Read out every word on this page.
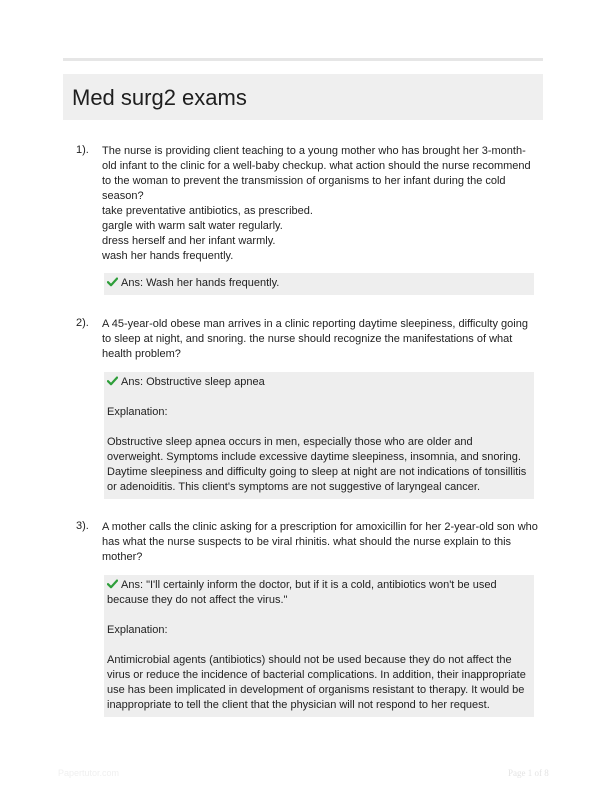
Med surg2 exams
1). The nurse is providing client teaching to a young mother who has brought her 3-month-old infant to the clinic for a well-baby checkup. what action should the nurse recommend to the woman to prevent the transmission of organisms to her infant during the cold season?
take preventative antibiotics, as prescribed.
gargle with warm salt water regularly.
dress herself and her infant warmly.
wash her hands frequently.
Ans: Wash her hands frequently.
2). A 45-year-old obese man arrives in a clinic reporting daytime sleepiness, difficulty going to sleep at night, and snoring. the nurse should recognize the manifestations of what health problem?
Ans: Obstructive sleep apnea
Explanation:
Obstructive sleep apnea occurs in men, especially those who are older and overweight. Symptoms include excessive daytime sleepiness, insomnia, and snoring. Daytime sleepiness and difficulty going to sleep at night are not indications of tonsillitis or adenoiditis. This client's symptoms are not suggestive of laryngeal cancer.
3). A mother calls the clinic asking for a prescription for amoxicillin for her 2-year-old son who has what the nurse suspects to be viral rhinitis. what should the nurse explain to this mother?
Ans: "I'll certainly inform the doctor, but if it is a cold, antibiotics won't be used because they do not affect the virus."
Explanation:
Antimicrobial agents (antibiotics) should not be used because they do not affect the virus or reduce the incidence of bacterial complications. In addition, their inappropriate use has been implicated in development of organisms resistant to therapy. It would be inappropriate to tell the client that the physician will not respond to her request.
Papertutor.com	Page 1 of 8
